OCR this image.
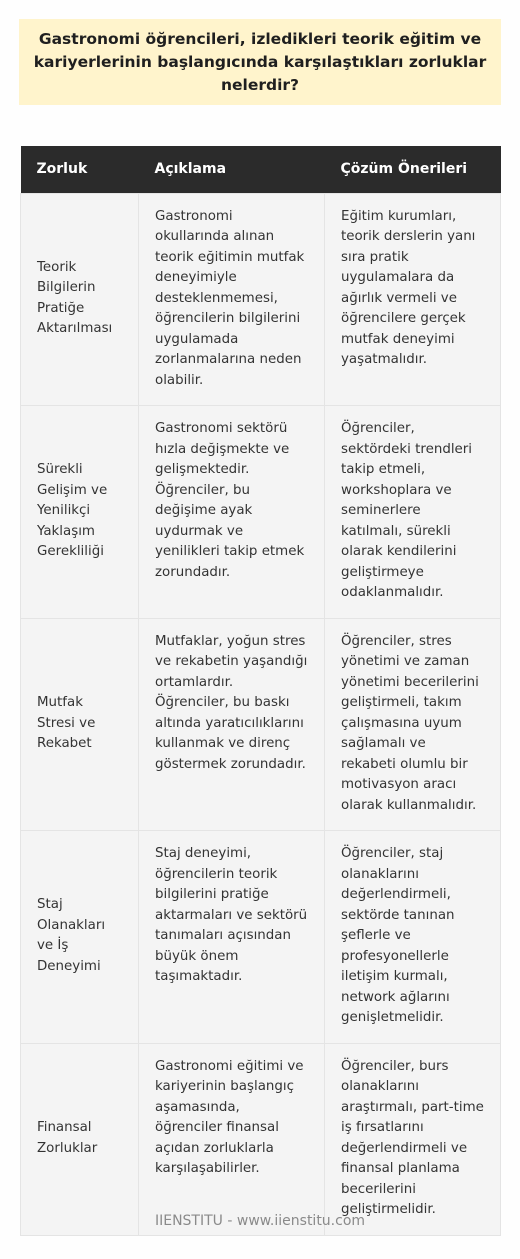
Gastronomi öğrencileri, izledikleri teorik eğitim ve kariyerlerinin başlangıcında karşılaştıkları zorluklar nelerdir?
Zorluk	Açıklama	Çözüm Önerileri
Teorik Bilgilerin Pratiğe Aktarılması	Gastronomi okullarında alınan teorik eğitimin mutfak deneyimiyle desteklenmemesi, öğrencilerin bilgilerini uygulamada zorlanmalarına neden olabilir.	Eğitim kurumları, teorik derslerin yanı sıra pratik uygulamalara da ağırlık vermeli ve öğrencilere gerçek mutfak deneyimi yaşatmalıdır.
Sürekli Gelişim ve Yenilikçi Yaklaşım Gerekliliği	Gastronomi sektörü hızla değişmekte ve gelişmektedir. Öğrenciler, bu değişime ayak uydurmak ve yenilikleri takip etmek zorundadır.	Öğrenciler, sektördeki trendleri takip etmeli, workshoplara ve seminerlere katılmalı, sürekli olarak kendilerini geliştirmeye odaklanmalıdır.
Mutfak Stresi ve Rekabet	Mutfaklar, yoğun stres ve rekabetin yaşandığı ortamlardır. Öğrenciler, bu baskı altında yaratıcılıklarını kullanmak ve direnç göstermek zorundadır.	Öğrenciler, stres yönetimi ve zaman yönetimi becerilerini geliştirmeli, takım çalışmasına uyum sağlamalı ve rekabeti olumlu bir motivasyon aracı olarak kullanmalıdır.
Staj Olanakları ve İş Deneyimi	Staj deneyimi, öğrencilerin teorik bilgilerini pratiğe aktarmaları ve sektörü tanımaları açısından büyük önem taşımaktadır.	Öğrenciler, staj olanaklarını değerlendirmeli, sektörde tanınan şeflerle ve profesyonellerle iletişim kurmalı, network ağlarını genişletmelidir.
Finansal Zorluklar	Gastronomi eğitimi ve kariyerinin başlangıç aşamasında, öğrenciler finansal açıdan zorluklarla karşılaşabilirler.	Öğrenciler, burs olanaklarını araştırmalı, part-time iş fırsatlarını değerlendirmeli ve finansal planlama becerilerini geliştirmelidir.
IIENSTITU - www.iienstitu.com
